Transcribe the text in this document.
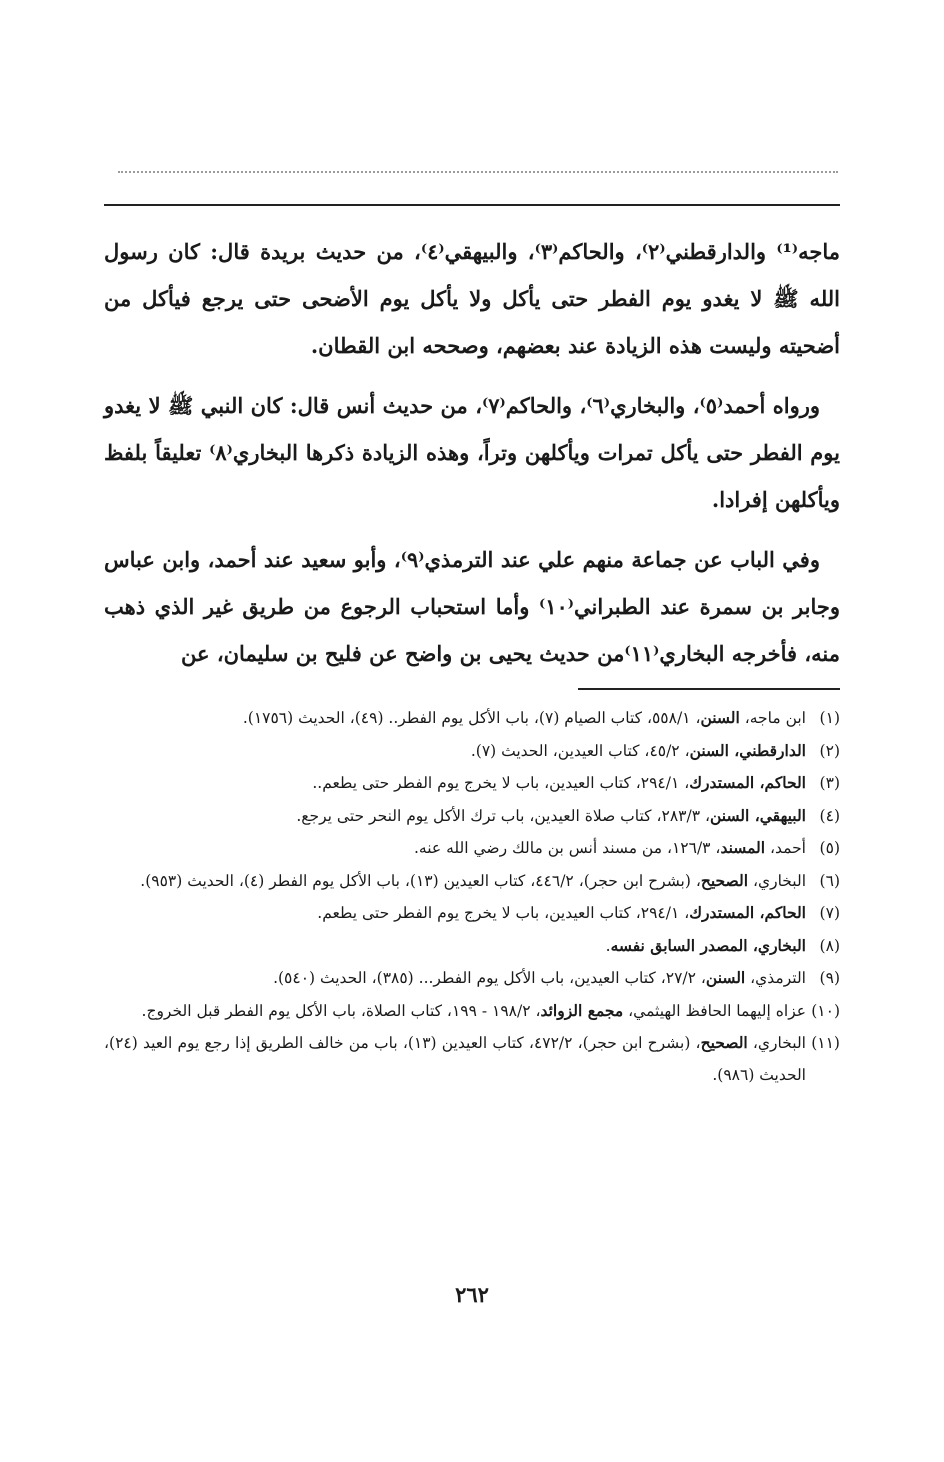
ماجه⁽¹⁾ والدارقطني⁽٢⁾، والحاكم⁽٣⁾، والبيهقي⁽٤⁾، من حديث بريدة قال: كان رسول الله ﷺ لا يغدو يوم الفطر حتى يأكل ولا يأكل يوم الأضحى حتى يرجع فيأكل من أضحيته وليست هذه الزيادة عند بعضهم، وصححه ابن القطان.

ورواه أحمد⁽٥⁾، والبخاري⁽٦⁾، والحاكم⁽٧⁾، من حديث أنس قال: كان النبي ﷺ لا يغدو يوم الفطر حتى يأكل تمرات ويأكلهن وتراً، وهذه الزيادة ذكرها البخاري⁽٨⁾ تعليقاً بلفظ ويأكلهن إفرادا.

وفي الباب عن جماعة منهم علي عند الترمذي⁽٩⁾، وأبو سعيد عند أحمد، وابن عباس وجابر بن سمرة عند الطبراني⁽١٠⁾ وأما استحباب الرجوع من طريق غير الذي ذهب منه، فأخرجه البخاري⁽١١⁾من حديث يحيى بن واضح عن فليح بن سليمان، عن

(١)ابن ماجه، السنن، ٥٥٨/١، كتاب الصيام (٧)، باب الأكل يوم الفطر.. (٤٩)، الحديث (١٧٥٦).

(٢)الدارقطني، السنن، ٤٥/٢، كتاب العيدين، الحديث (٧).

(٣)الحاكم، المستدرك، ٢٩٤/١، كتاب العيدين، باب لا يخرج يوم الفطر حتى يطعم..

(٤)البيهقي، السنن، ٢٨٣/٣، كتاب صلاة العيدين، باب ترك الأكل يوم النحر حتى يرجع.

(٥)أحمد، المسند، ١٢٦/٣، من مسند أنس بن مالك رضي الله عنه.

(٦)البخاري، الصحيح، (بشرح ابن حجر)، ٤٤٦/٢، كتاب العيدين (١٣)، باب الأكل يوم الفطر (٤)، الحديث (٩٥٣).

(٧)الحاكم، المستدرك، ٢٩٤/١، كتاب العيدين، باب لا يخرج يوم الفطر حتى يطعم.

(٨)البخاري، المصدر السابق نفسه.

(٩)الترمذي، السنن، ٢٧/٢، كتاب العيدين، باب الأكل يوم الفطر... (٣٨٥)، الحديث (٥٤٠).

(١٠)عزاه إليهما الحافظ الهيثمي، مجمع الزوائد، ١٩٨/٢ - ١٩٩، كتاب الصلاة، باب الأكل يوم الفطر قبل الخروج.

(١١)البخاري، الصحيح، (بشرح ابن حجر)، ٤٧٢/٢، كتاب العيدين (١٣)، باب من خالف الطريق إذا رجع يوم العيد (٢٤)، الحديث (٩٨٦).

٢٦٢
